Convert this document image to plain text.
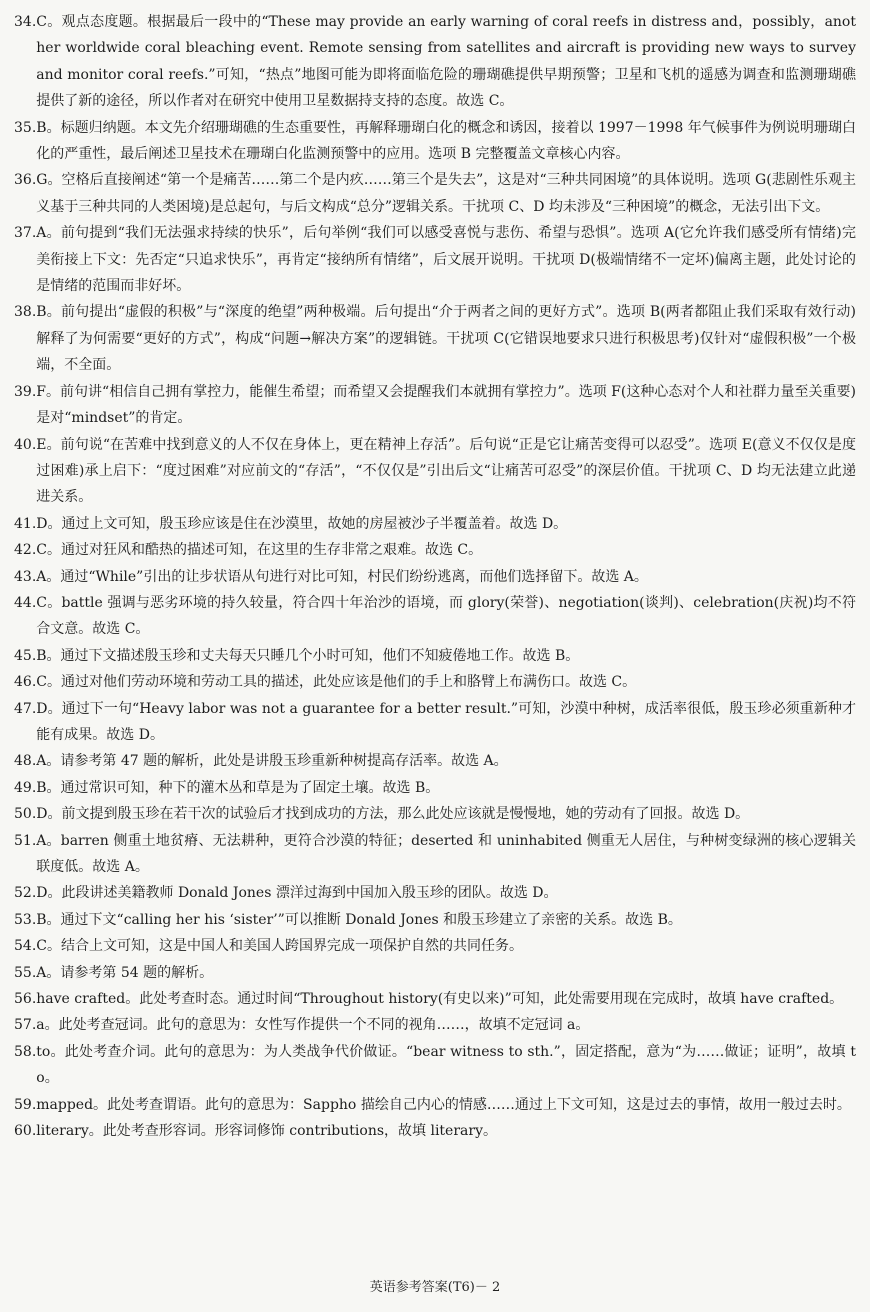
34. C。观点态度题。根据最后一段中的“These may provide an early warning of coral reefs in distress and，possibly，another worldwide coral bleaching event. Remote sensing from satellites and aircraft is providing new ways to survey and monitor coral reefs.”可知，“热点”地图可能为即将面临危险的珊瑚礁提供早期预警；卫星和飞机的遥感为调查和监测珊瑚礁提供了新的途径，所以作者对在研究中使用卫星数据持支持的态度。故选 C。
35. B。标题归纳题。本文先介绍珊瑚礁的生态重要性，再解释珊瑚白化的概念和诱因，接着以 1997－1998 年气候事件为例说明珊瑚白化的严重性，最后阐述卫星技术在珊瑚白化监测预警中的应用。选项 B 完整覆盖文章核心内容。
36. G。空格后直接阐述“第一个是痛苦……第二个是内疚……第三个是失去”，这是对“三种共同困境”的具体说明。选项 G(悲剧性乐观主义基于三种共同的人类困境)是总起句，与后文构成“总分”逻辑关系。干扰项 C、D 均未涉及“三种困境”的概念，无法引出下文。
37. A。前句提到“我们无法强求持续的快乐”，后句举例“我们可以感受喜悦与悲伤、希望与恐惧”。选项 A(它允许我们感受所有情绪)完美衔接上下文：先否定“只追求快乐”，再肯定“接纳所有情绪”，后文展开说明。干扰项 D(极端情绪不一定坏)偏离主题，此处讨论的是情绪的范围而非好坏。
38. B。前句提出“虚假的积极”与“深度的绝望”两种极端。后句提出“介于两者之间的更好方式”。选项 B(两者都阻止我们采取有效行动)解释了为何需要“更好的方式”，构成“问题→解决方案”的逻辑链。干扰项 C(它错误地要求只进行积极思考)仅针对“虚假积极”一个极端，不全面。
39. F。前句讲“相信自己拥有掌控力，能催生希望；而希望又会提醒我们本就拥有掌控力”。选项 F(这种心态对个人和社群力量至关重要)是对“mindset”的肯定。
40. E。前句说“在苦难中找到意义的人不仅在身体上，更在精神上存活”。后句说“正是它让痛苦变得可以忍受”。选项 E(意义不仅仅是度过困难)承上启下：“度过困难”对应前文的“存活”，“不仅仅是”引出后文“让痛苦可忍受”的深层价值。干扰项 C、D 均无法建立此递进关系。
41. D。通过上文可知，殷玉珍应该是住在沙漠里，故她的房屋被沙子半覆盖着。故选 D。
42. C。通过对狂风和酷热的描述可知，在这里的生存非常之艰难。故选 C。
43. A。通过“While”引出的让步状语从句进行对比可知，村民们纷纷逃离，而他们选择留下。故选 A。
44. C。battle 强调与恶劣环境的持久较量，符合四十年治沙的语境，而 glory(荣誉)、negotiation(谈判)、celebration(庆祝)均不符合文意。故选 C。
45. B。通过下文描述殷玉珍和丈夫每天只睡几个小时可知，他们不知疲倦地工作。故选 B。
46. C。通过对他们劳动环境和劳动工具的描述，此处应该是他们的手上和胳臂上布满伤口。故选 C。
47. D。通过下一句“Heavy labor was not a guarantee for a better result.”可知，沙漠中种树，成活率很低，殷玉珍必须重新种才能有成果。故选 D。
48. A。请参考第 47 题的解析，此处是讲殷玉珍重新种树提高存活率。故选 A。
49. B。通过常识可知，种下的灌木丛和草是为了固定土壤。故选 B。
50. D。前文提到殷玉珍在若干次的试验后才找到成功的方法，那么此处应该就是慢慢地，她的劳动有了回报。故选 D。
51. A。barren 侧重土地贫瘠、无法耕种，更符合沙漠的特征；deserted 和 uninhabited 侧重无人居住，与种树变绿洲的核心逻辑关联度低。故选 A。
52. D。此段讲述美籍教师 Donald Jones 漂洋过海到中国加入殷玉珍的团队。故选 D。
53. B。通过下文“calling her his ‘sister’”可以推断 Donald Jones 和殷玉珍建立了亲密的关系。故选 B。
54. C。结合上文可知，这是中国人和美国人跨国界完成一项保护自然的共同任务。
55. A。请参考第 54 题的解析。
56. have crafted。此处考查时态。通过时间“Throughout history(有史以来)”可知，此处需要用现在完成时，故填 have crafted。
57. a。此处考查冠词。此句的意思为：女性写作提供一个不同的视角……，故填不定冠词 a。
58. to。此处考查介词。此句的意思为：为人类战争代价做证。“bear witness to sth.”，固定搭配，意为“为……做证；证明”，故填 to。
59. mapped。此处考查谓语。此句的意思为：Sappho 描绘自己内心的情感……通过上下文可知，这是过去的事情，故用一般过去时。
60. literary。此处考查形容词。形容词修饰 contributions，故填 literary。
英语参考答案(T6)－ 2
